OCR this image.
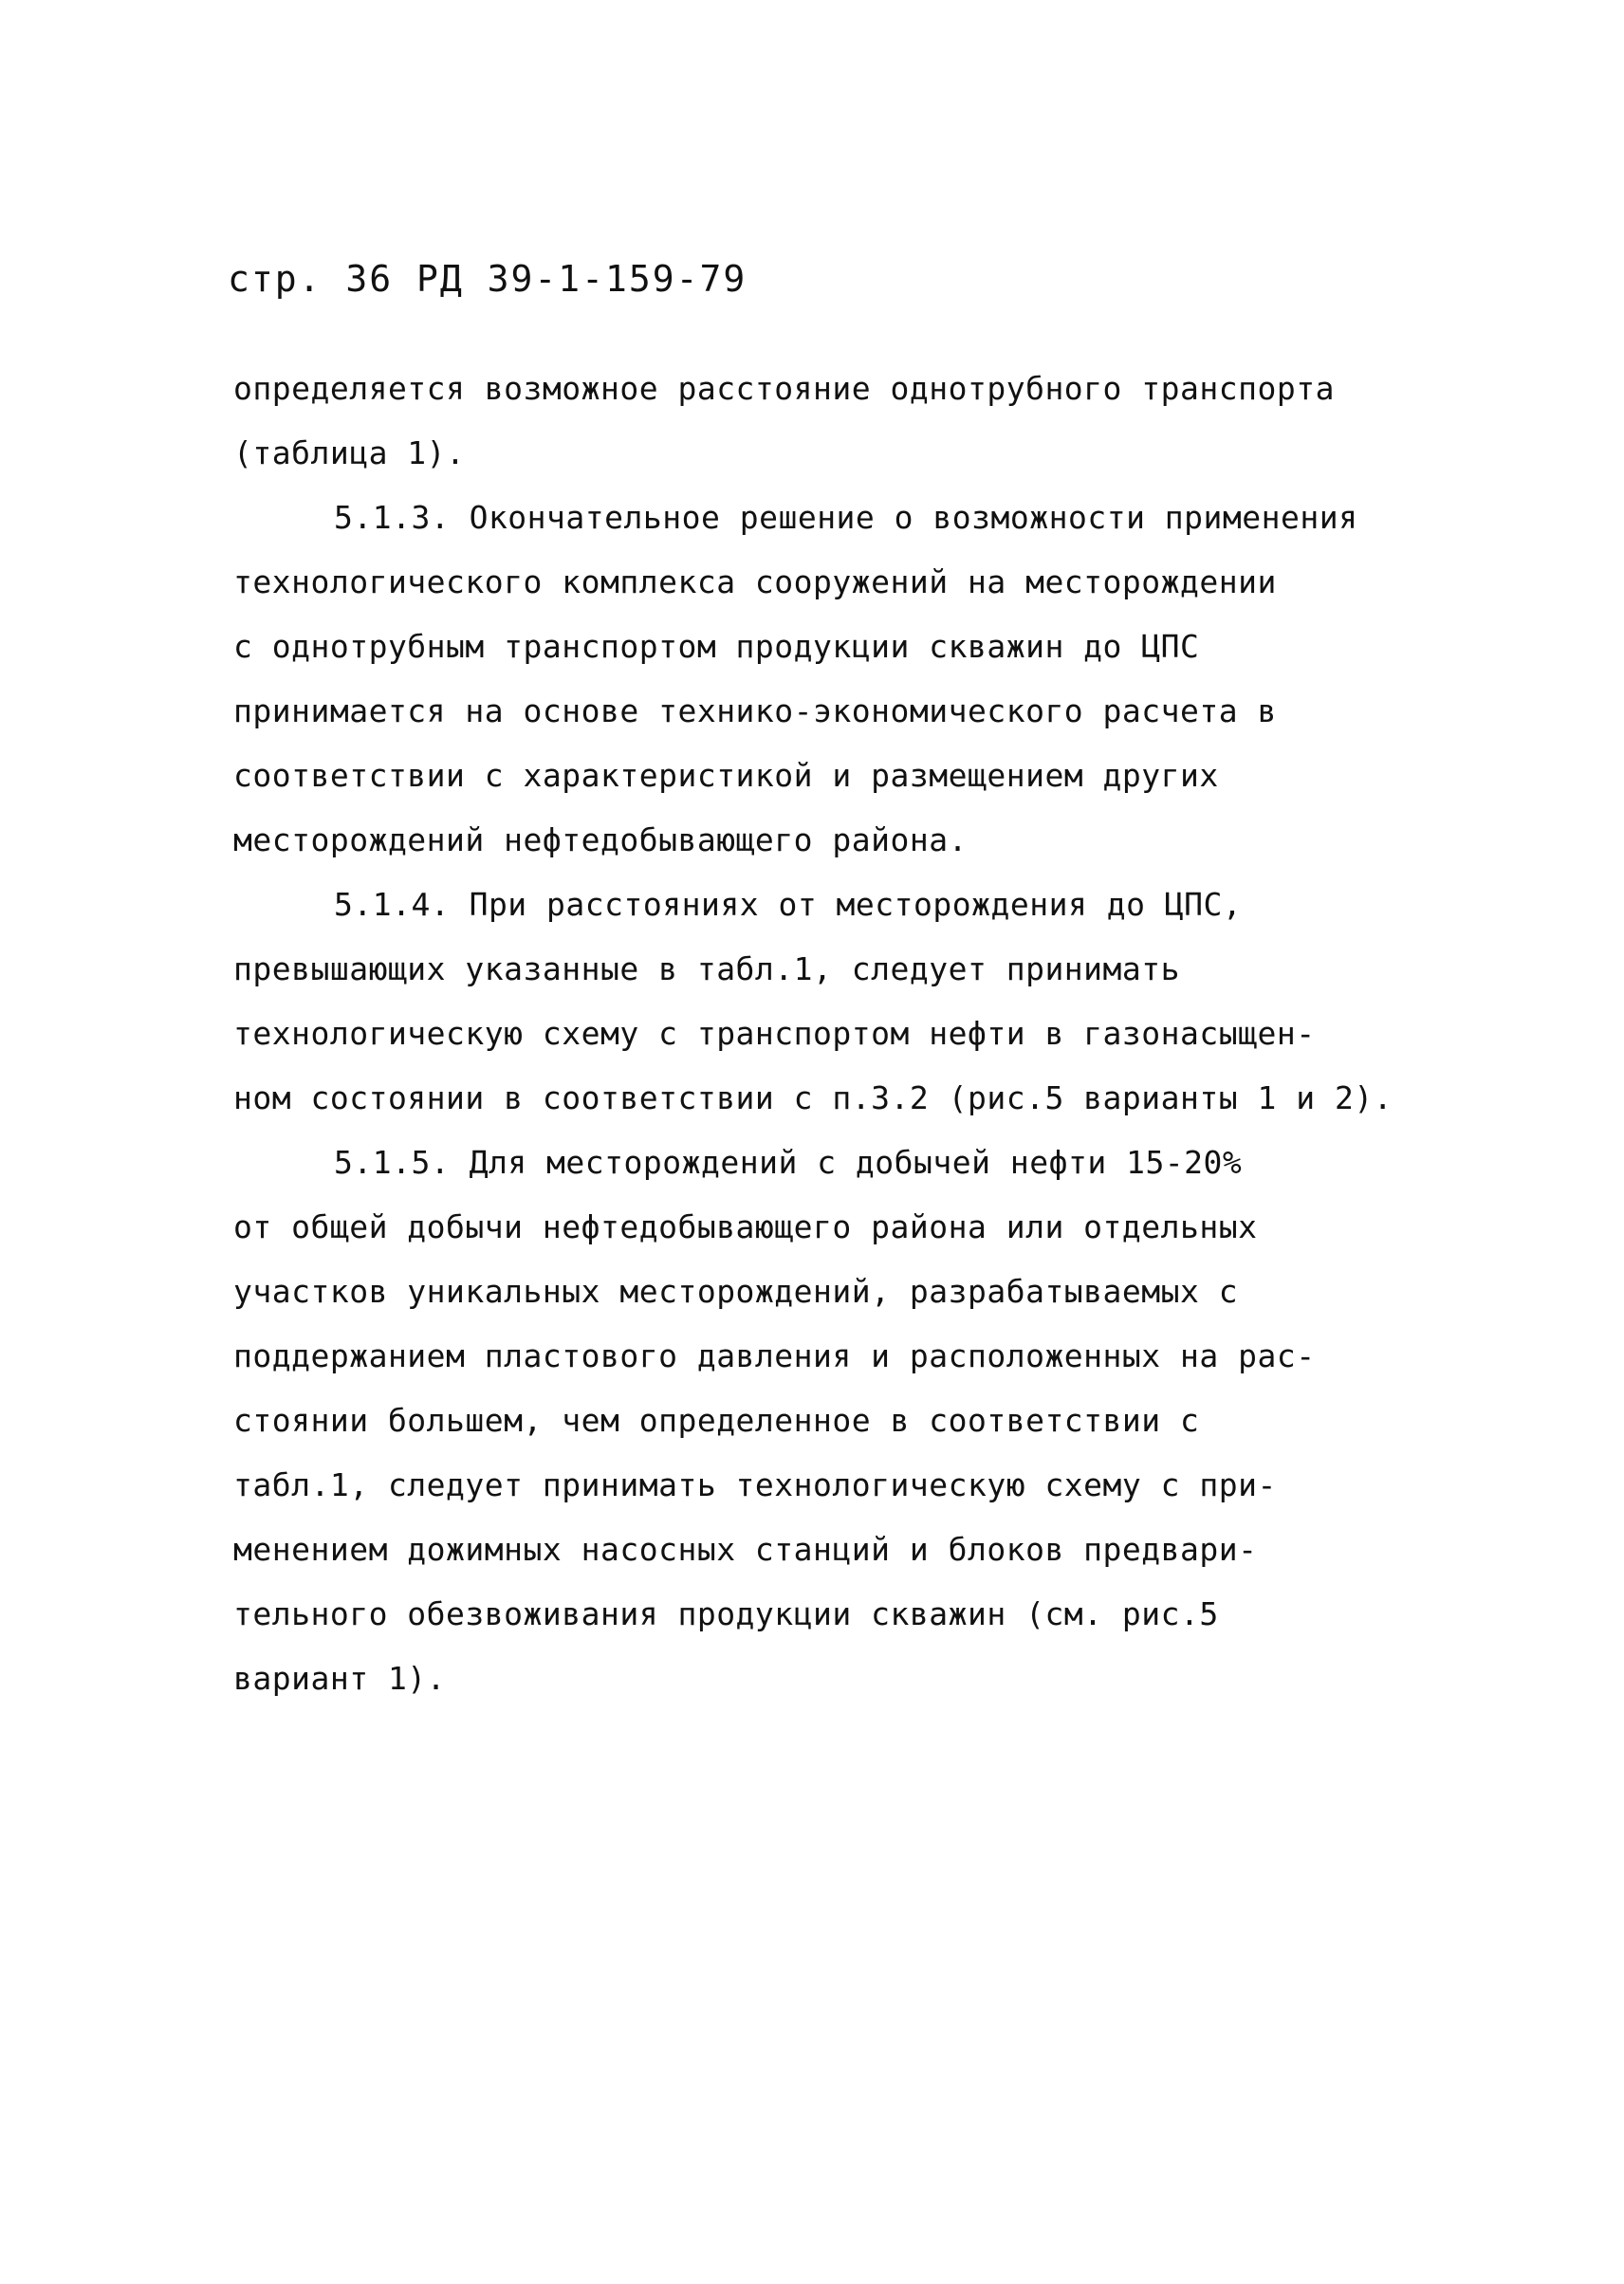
стр. 36 РД 39-1-159-79
определяется возможное расстояние однотрубного транспорта
(таблица 1).
5.1.3. Окончательное решение о возможности применения
технологического комплекса сооружений на месторождении
с однотрубным транспортом продукции скважин до ЦПС
принимается на основе технико-экономического расчета в
соответствии с характеристикой и размещением других
месторождений нефтедобывающего района.
5.1.4. При расстояниях от месторождения до ЦПС,
превышающих указанные в табл.1, следует принимать
технологическую схему с транспортом нефти в газонасыщен-
ном состоянии в соответствии с п.3.2 (рис.5 варианты 1 и 2).
5.1.5. Для месторождений с добычей нефти 15-20%
от общей добычи нефтедобывающего района или отдельных
участков уникальных месторождений, разрабатываемых с
поддержанием пластового давления и расположенных на рас-
стоянии большем, чем определенное в соответствии с
табл.1, следует принимать технологическую схему с при-
менением дожимных насосных станций и блоков предвари-
тельного обезвоживания продукции скважин (см. рис.5
вариант 1).
